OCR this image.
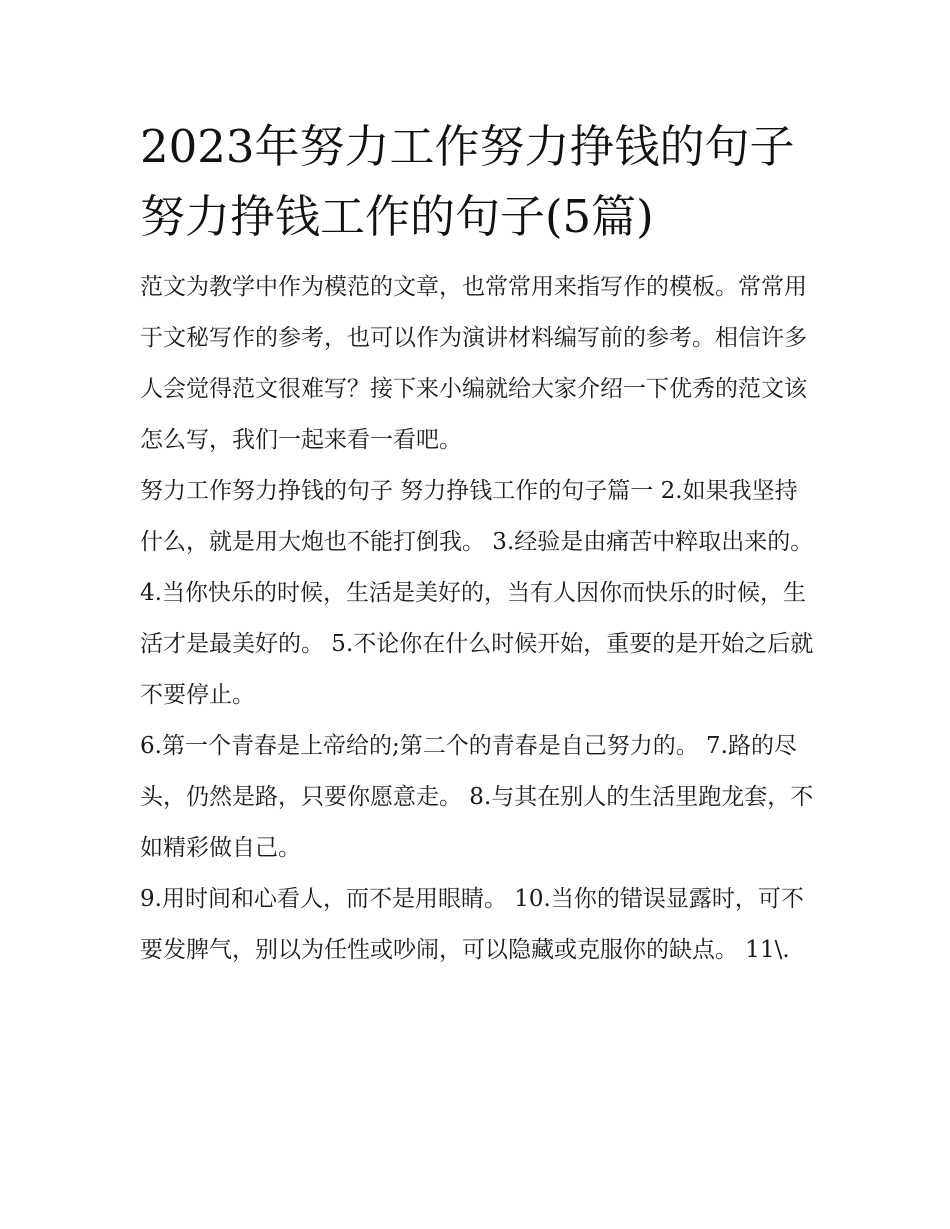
2023年努力工作努力挣钱的句子 努力挣钱工作的句子(5篇)

范文为教学中作为模范的文章，也常常用来指写作的模板。常常用于文秘写作的参考，也可以作为演讲材料编写前的参考。相信许多人会觉得范文很难写？接下来小编就给大家介绍一下优秀的范文该怎么写，我们一起来看一看吧。

努力工作努力挣钱的句子 努力挣钱工作的句子篇一 2.如果我坚持什么，就是用大炮也不能打倒我。 3.经验是由痛苦中粹取出来的。

4.当你快乐的时候，生活是美好的，当有人因你而快乐的时候，生活才是最美好的。 5.不论你在什么时候开始，重要的是开始之后就不要停止。

6.第一个青春是上帝给的;第二个的青春是自己努力的。 7.路的尽头，仍然是路，只要你愿意走。 8.与其在别人的生活里跑龙套，不如精彩做自己。

9.用时间和心看人，而不是用眼睛。 10.当你的错误显露时，可不要发脾气，别以为任性或吵闹，可以隐藏或克服你的缺点。 11\.
